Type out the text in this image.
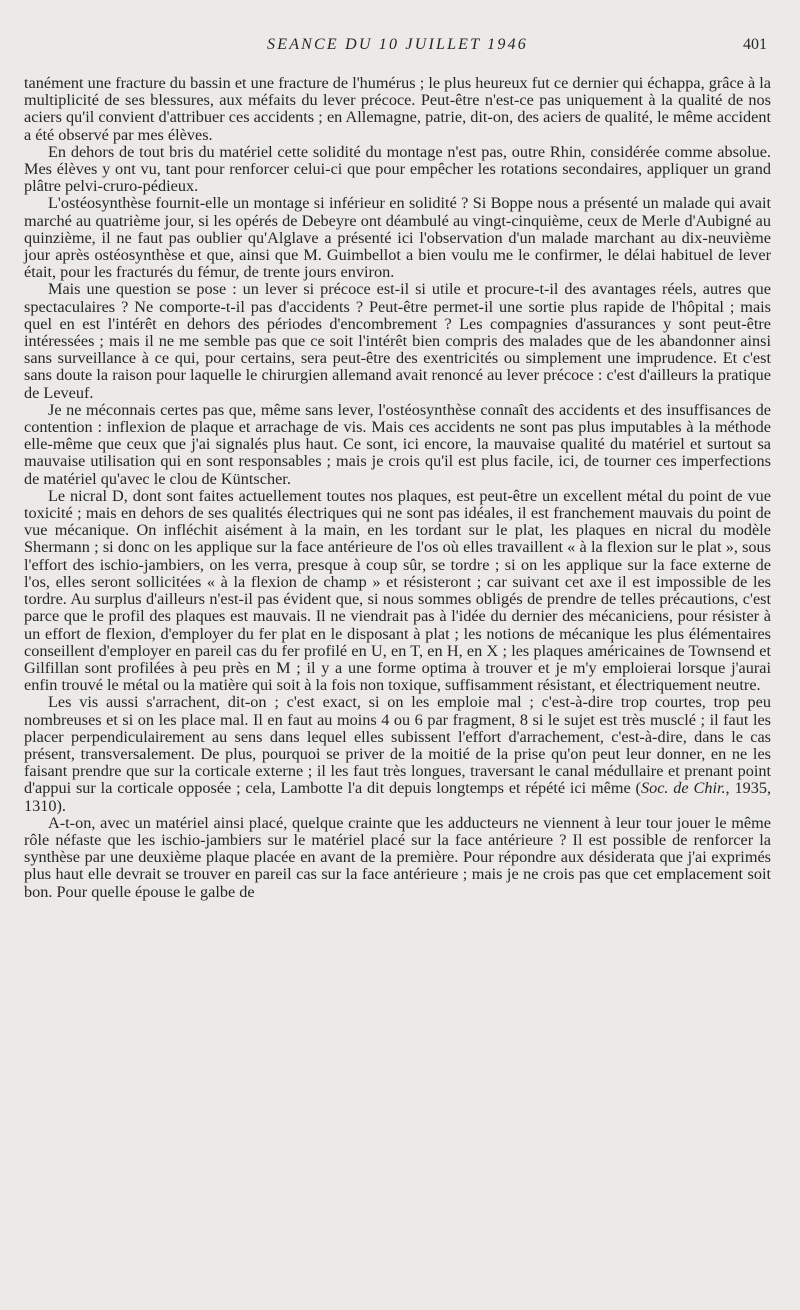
SEANCE DU 10 JUILLET 1946	401

tanément une fracture du bassin et une fracture de l'humérus ; le plus heureux fut ce dernier qui échappa, grâce à la multiplicité de ses blessures, aux méfaits du lever précoce. Peut-être n'est-ce pas uniquement à la qualité de nos aciers qu'il convient d'attribuer ces accidents ; en Allemagne, patrie, dit-on, des aciers de qualité, le même accident a été observé par mes élèves.

En dehors de tout bris du matériel cette solidité du montage n'est pas, outre Rhin, considérée comme absolue. Mes élèves y ont vu, tant pour renforcer celui-ci que pour empêcher les rotations secondaires, appliquer un grand plâtre pelvi-cruro-pédieux.

L'ostéosynthèse fournit-elle un montage si inférieur en solidité ? Si Boppe nous a présenté un malade qui avait marché au quatrième jour, si les opérés de Debeyre ont déambulé au vingt-cinquième, ceux de Merle d'Aubigné au quinzième, il ne faut pas oublier qu'Alglave a présenté ici l'observation d'un malade marchant au dix-neuvième jour après ostéosynthèse et que, ainsi que M. Guimbellot a bien voulu me le confirmer, le délai habituel de lever était, pour les fracturés du fémur, de trente jours environ.

Mais une question se pose : un lever si précoce est-il si utile et procure-t-il des avantages réels, autres que spectaculaires ? Ne comporte-t-il pas d'accidents ? Peut-être permet-il une sortie plus rapide de l'hôpital ; mais quel en est l'intérêt en dehors des périodes d'encombrement ? Les compagnies d'assurances y sont peut-être intéressées ; mais il ne me semble pas que ce soit l'intérêt bien compris des malades que de les abandonner ainsi sans surveillance à ce qui, pour certains, sera peut-être des exentricités ou simplement une imprudence. Et c'est sans doute la raison pour laquelle le chirurgien allemand avait renoncé au lever précoce : c'est d'ailleurs la pratique de Leveuf.

Je ne méconnais certes pas que, même sans lever, l'ostéosynthèse connaît des accidents et des insuffisances de contention : inflexion de plaque et arrachage de vis. Mais ces accidents ne sont pas plus imputables à la méthode elle-même que ceux que j'ai signalés plus haut. Ce sont, ici encore, la mauvaise qualité du matériel et surtout sa mauvaise utilisation qui en sont responsables ; mais je crois qu'il est plus facile, ici, de tourner ces imperfections de matériel qu'avec le clou de Küntscher.

Le nicral D, dont sont faites actuellement toutes nos plaques, est peut-être un excellent métal du point de vue toxicité ; mais en dehors de ses qualités électriques qui ne sont pas idéales, il est franchement mauvais du point de vue mécanique. On infléchit aisément à la main, en les tordant sur le plat, les plaques en nicral du modèle Shermann ; si donc on les applique sur la face antérieure de l'os où elles travaillent « à la flexion sur le plat », sous l'effort des ischio-jambiers, on les verra, presque à coup sûr, se tordre ; si on les applique sur la face externe de l'os, elles seront sollicitées « à la flexion de champ » et résisteront ; car suivant cet axe il est impossible de les tordre. Au surplus d'ailleurs n'est-il pas évident que, si nous sommes obligés de prendre de telles précautions, c'est parce que le profil des plaques est mauvais. Il ne viendrait pas à l'idée du dernier des mécaniciens, pour résister à un effort de flexion, d'employer du fer plat en le disposant à plat ; les notions de mécanique les plus élémentaires conseillent d'employer en pareil cas du fer profilé en U, en T, en H, en X ; les plaques américaines de Townsend et Gilfillan sont profilées à peu près en M ; il y a une forme optima à trouver et je m'y emploierai lorsque j'aurai enfin trouvé le métal ou la matière qui soit à la fois non toxique, suffisamment résistant, et électriquement neutre.

Les vis aussi s'arrachent, dit-on ; c'est exact, si on les emploie mal ; c'est-à-dire trop courtes, trop peu nombreuses et si on les place mal. Il en faut au moins 4 ou 6 par fragment, 8 si le sujet est très musclé ; il faut les placer perpendiculairement au sens dans lequel elles subissent l'effort d'arrachement, c'est-à-dire, dans le cas présent, transversalement. De plus, pourquoi se priver de la moitié de la prise qu'on peut leur donner, en ne les faisant prendre que sur la corticale externe ; il les faut très longues, traversant le canal médullaire et prenant point d'appui sur la corticale opposée ; cela, Lambotte l'a dit depuis longtemps et répété ici même (Soc. de Chir., 1935, 1310).

A-t-on, avec un matériel ainsi placé, quelque crainte que les adducteurs ne viennent à leur tour jouer le même rôle néfaste que les ischio-jambiers sur le matériel placé sur la face antérieure ? Il est possible de renforcer la synthèse par une deuxième plaque placée en avant de la première. Pour répondre aux désiderata que j'ai exprimés plus haut elle devrait se trouver en pareil cas sur la face antérieure ; mais je ne crois pas que cet emplacement soit bon. Pour quelle épouse le galbe de
